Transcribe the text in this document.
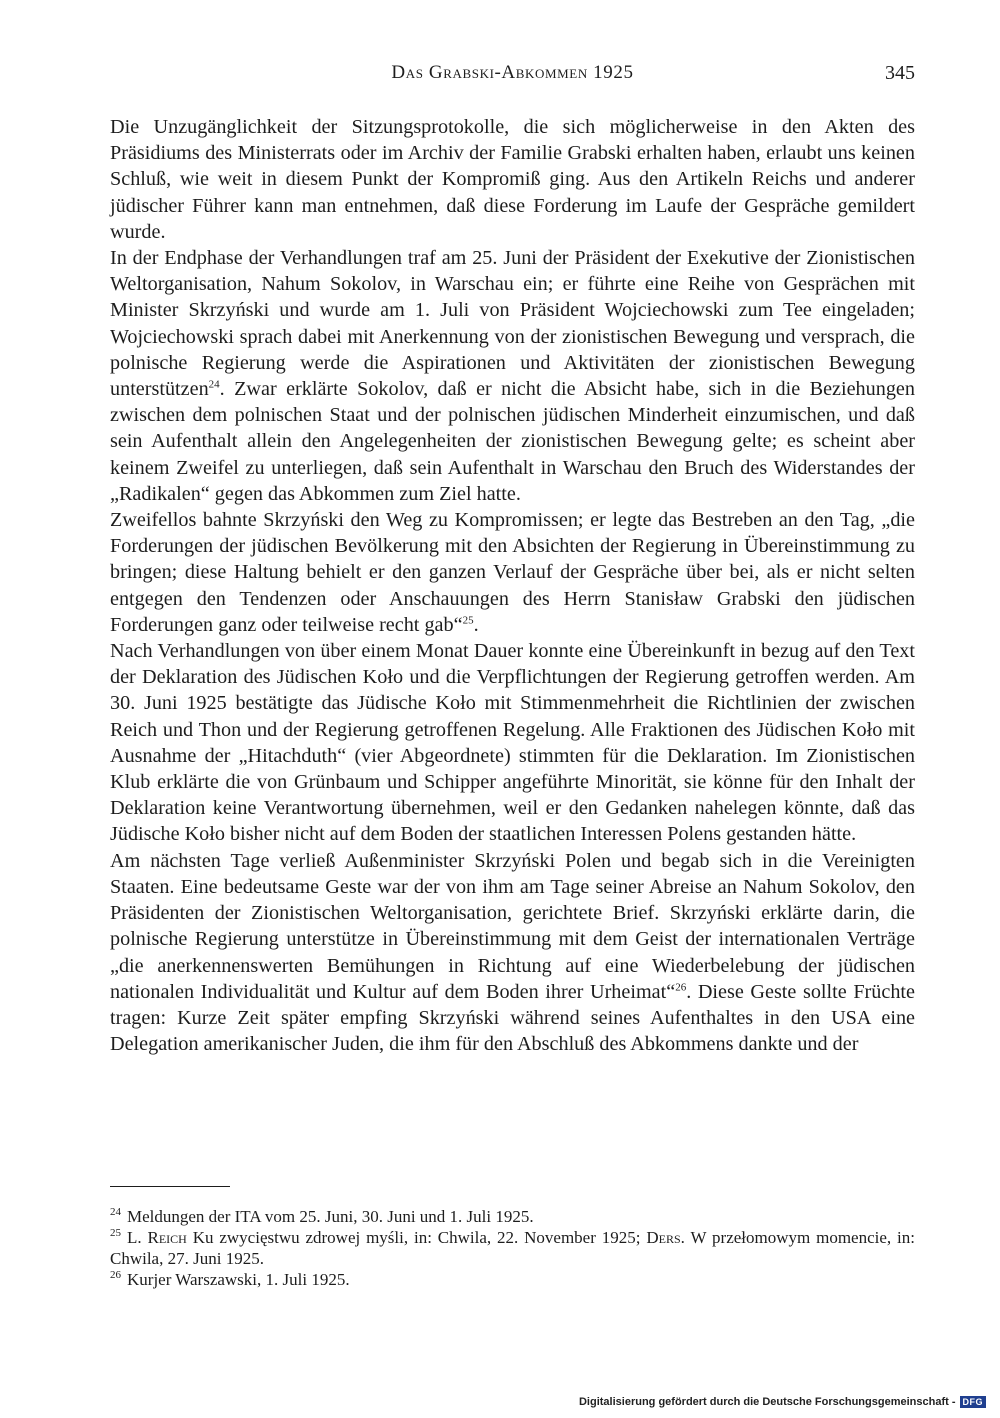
Das Grabski-Abkommen 1925	345

Die Unzugänglichkeit der Sitzungsprotokolle, die sich möglicherweise in den Akten des Präsidiums des Ministerrats oder im Archiv der Familie Grabski erhalten haben, erlaubt uns keinen Schluß, wie weit in diesem Punkt der Kompromiß ging. Aus den Artikeln Reichs und anderer jüdischer Führer kann man entnehmen, daß diese Forderung im Laufe der Gespräche gemildert wurde.

In der Endphase der Verhandlungen traf am 25. Juni der Präsident der Exekutive der Zionistischen Weltorganisation, Nahum Sokolov, in Warschau ein; er führte eine Reihe von Gesprächen mit Minister Skrzyński und wurde am 1. Juli von Präsident Wojciechowski zum Tee eingeladen; Wojciechowski sprach dabei mit Anerkennung von der zionistischen Bewegung und versprach, die polnische Regierung werde die Aspirationen und Aktivitäten der zionistischen Bewegung unterstützen$^{24}$. Zwar erklärte Sokolov, daß er nicht die Absicht habe, sich in die Beziehungen zwischen dem polnischen Staat und der polnischen jüdischen Minderheit einzumischen, und daß sein Aufenthalt allein den Angelegenheiten der zionistischen Bewegung gelte; es scheint aber keinem Zweifel zu unterliegen, daß sein Aufenthalt in Warschau den Bruch des Widerstandes der „Radikalen“ gegen das Abkommen zum Ziel hatte.

Zweifellos bahnte Skrzyński den Weg zu Kompromissen; er legte das Bestreben an den Tag, „die Forderungen der jüdischen Bevölkerung mit den Absichten der Regierung in Übereinstimmung zu bringen; diese Haltung behielt er den ganzen Verlauf der Gespräche über bei, als er nicht selten entgegen den Tendenzen oder Anschauungen des Herrn Stanisław Grabski den jüdischen Forderungen ganz oder teilweise recht gab“$^{25}$.

Nach Verhandlungen von über einem Monat Dauer konnte eine Übereinkunft in bezug auf den Text der Deklaration des Jüdischen Koło und die Verpflichtungen der Regierung getroffen werden. Am 30. Juni 1925 bestätigte das Jüdische Koło mit Stimmenmehrheit die Richtlinien der zwischen Reich und Thon und der Regierung getroffenen Regelung. Alle Fraktionen des Jüdischen Koło mit Ausnahme der „Hitachduth“ (vier Abgeordnete) stimmten für die Deklaration. Im Zionistischen Klub erklärte die von Grünbaum und Schipper angeführte Minorität, sie könne für den Inhalt der Deklaration keine Verantwortung übernehmen, weil er den Gedanken nahelegen könnte, daß das Jüdische Koło bisher nicht auf dem Boden der staatlichen Interessen Polens gestanden hätte.

Am nächsten Tage verließ Außenminister Skrzyński Polen und begab sich in die Vereinigten Staaten. Eine bedeutsame Geste war der von ihm am Tage seiner Abreise an Nahum Sokolov, den Präsidenten der Zionistischen Weltorganisation, gerichtete Brief. Skrzyński erklärte darin, die polnische Regierung unterstütze in Übereinstimmung mit dem Geist der internationalen Verträge „die anerkennenswerten Bemühungen in Richtung auf eine Wiederbelebung der jüdischen nationalen Individualität und Kultur auf dem Boden ihrer Urheimat“$^{26}$. Diese Geste sollte Früchte tragen: Kurze Zeit später empfing Skrzyński während seines Aufenthaltes in den USA eine Delegation amerikanischer Juden, die ihm für den Abschluß des Abkommens dankte und der

$^{24}$ Meldungen der ITA vom 25. Juni, 30. Juni und 1. Juli 1925.
$^{25}$ L. Reich Ku zwycięstwu zdrowej myśli, in: Chwila, 22. November 1925; Ders. W przełomowym momencie, in: Chwila, 27. Juni 1925.
$^{26}$ Kurjer Warszawski, 1. Juli 1925.
Digitalisierung gefördert durch die Deutsche Forschungsgemeinschaft - DFG
